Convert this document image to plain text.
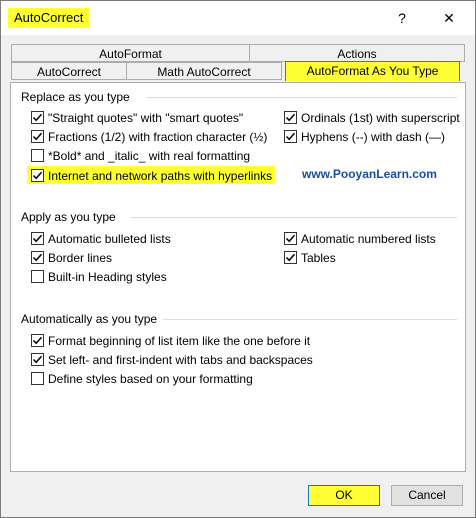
AutoCorrect	?	✕
AutoFormat	Actions
AutoCorrect	Math AutoCorrect	AutoFormat As You Type
Replace as you type
"Straight quotes" with "smart quotes"	Ordinals (1st) with superscript
Fractions (1/2) with fraction character (½)	Hyphens (--) with dash (—)
*Bold* and _italic_ with real formatting
Internet and network paths with hyperlinks www.PooyanLearn.com
Apply as you type
Automatic bulleted lists	Automatic numbered lists
Border lines	Tables
Built-in Heading styles
Automatically as you type
Format beginning of list item like the one before it
Set left- and first-indent with tabs and backspaces
Define styles based on your formatting
OK	Cancel
